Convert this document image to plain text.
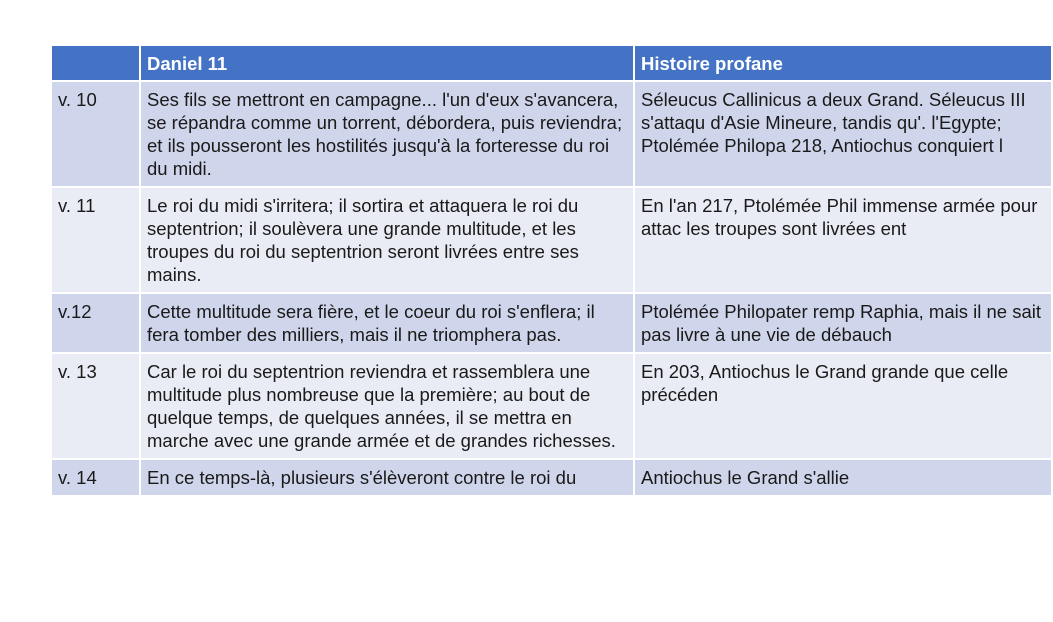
	Daniel 11	Histoire profane
v. 10	Ses fils se mettront en campagne... l'un d'eux s'avancera, se répandra comme un torrent, débordera, puis reviendra; et ils pousseront les hostilités jusqu'à la forteresse du roi du midi.	Séleucus Callinicus a deux Grand. Séleucus III s'attaqu d'Asie Mineure, tandis qu'. l'Egypte; Ptolémée Philopa 218, Antiochus conquiert l
v. 11	Le roi du midi s'irritera; il sortira et attaquera le roi du septentrion; il soulèvera une grande multitude, et les troupes du roi du septentrion seront livrées entre ses mains.	En l'an 217, Ptolémée Phil immense armée pour attac les troupes sont livrées ent
v.12	Cette multitude sera fière, et le coeur du roi s'enflera; il fera tomber des milliers, mais il ne triomphera pas.	Ptolémée Philopater remp Raphia, mais il ne sait pas livre à une vie de débauch
v. 13	Car le roi du septentrion reviendra et rassemblera une multitude plus nombreuse que la première; au bout de quelque temps, de quelques années, il se mettra en marche avec une grande armée et de grandes richesses.	En 203, Antiochus le Grand grande que celle précéden
v. 14	En ce temps-là, plusieurs s'élèveront contre le roi du	Antiochus le Grand s'allie
